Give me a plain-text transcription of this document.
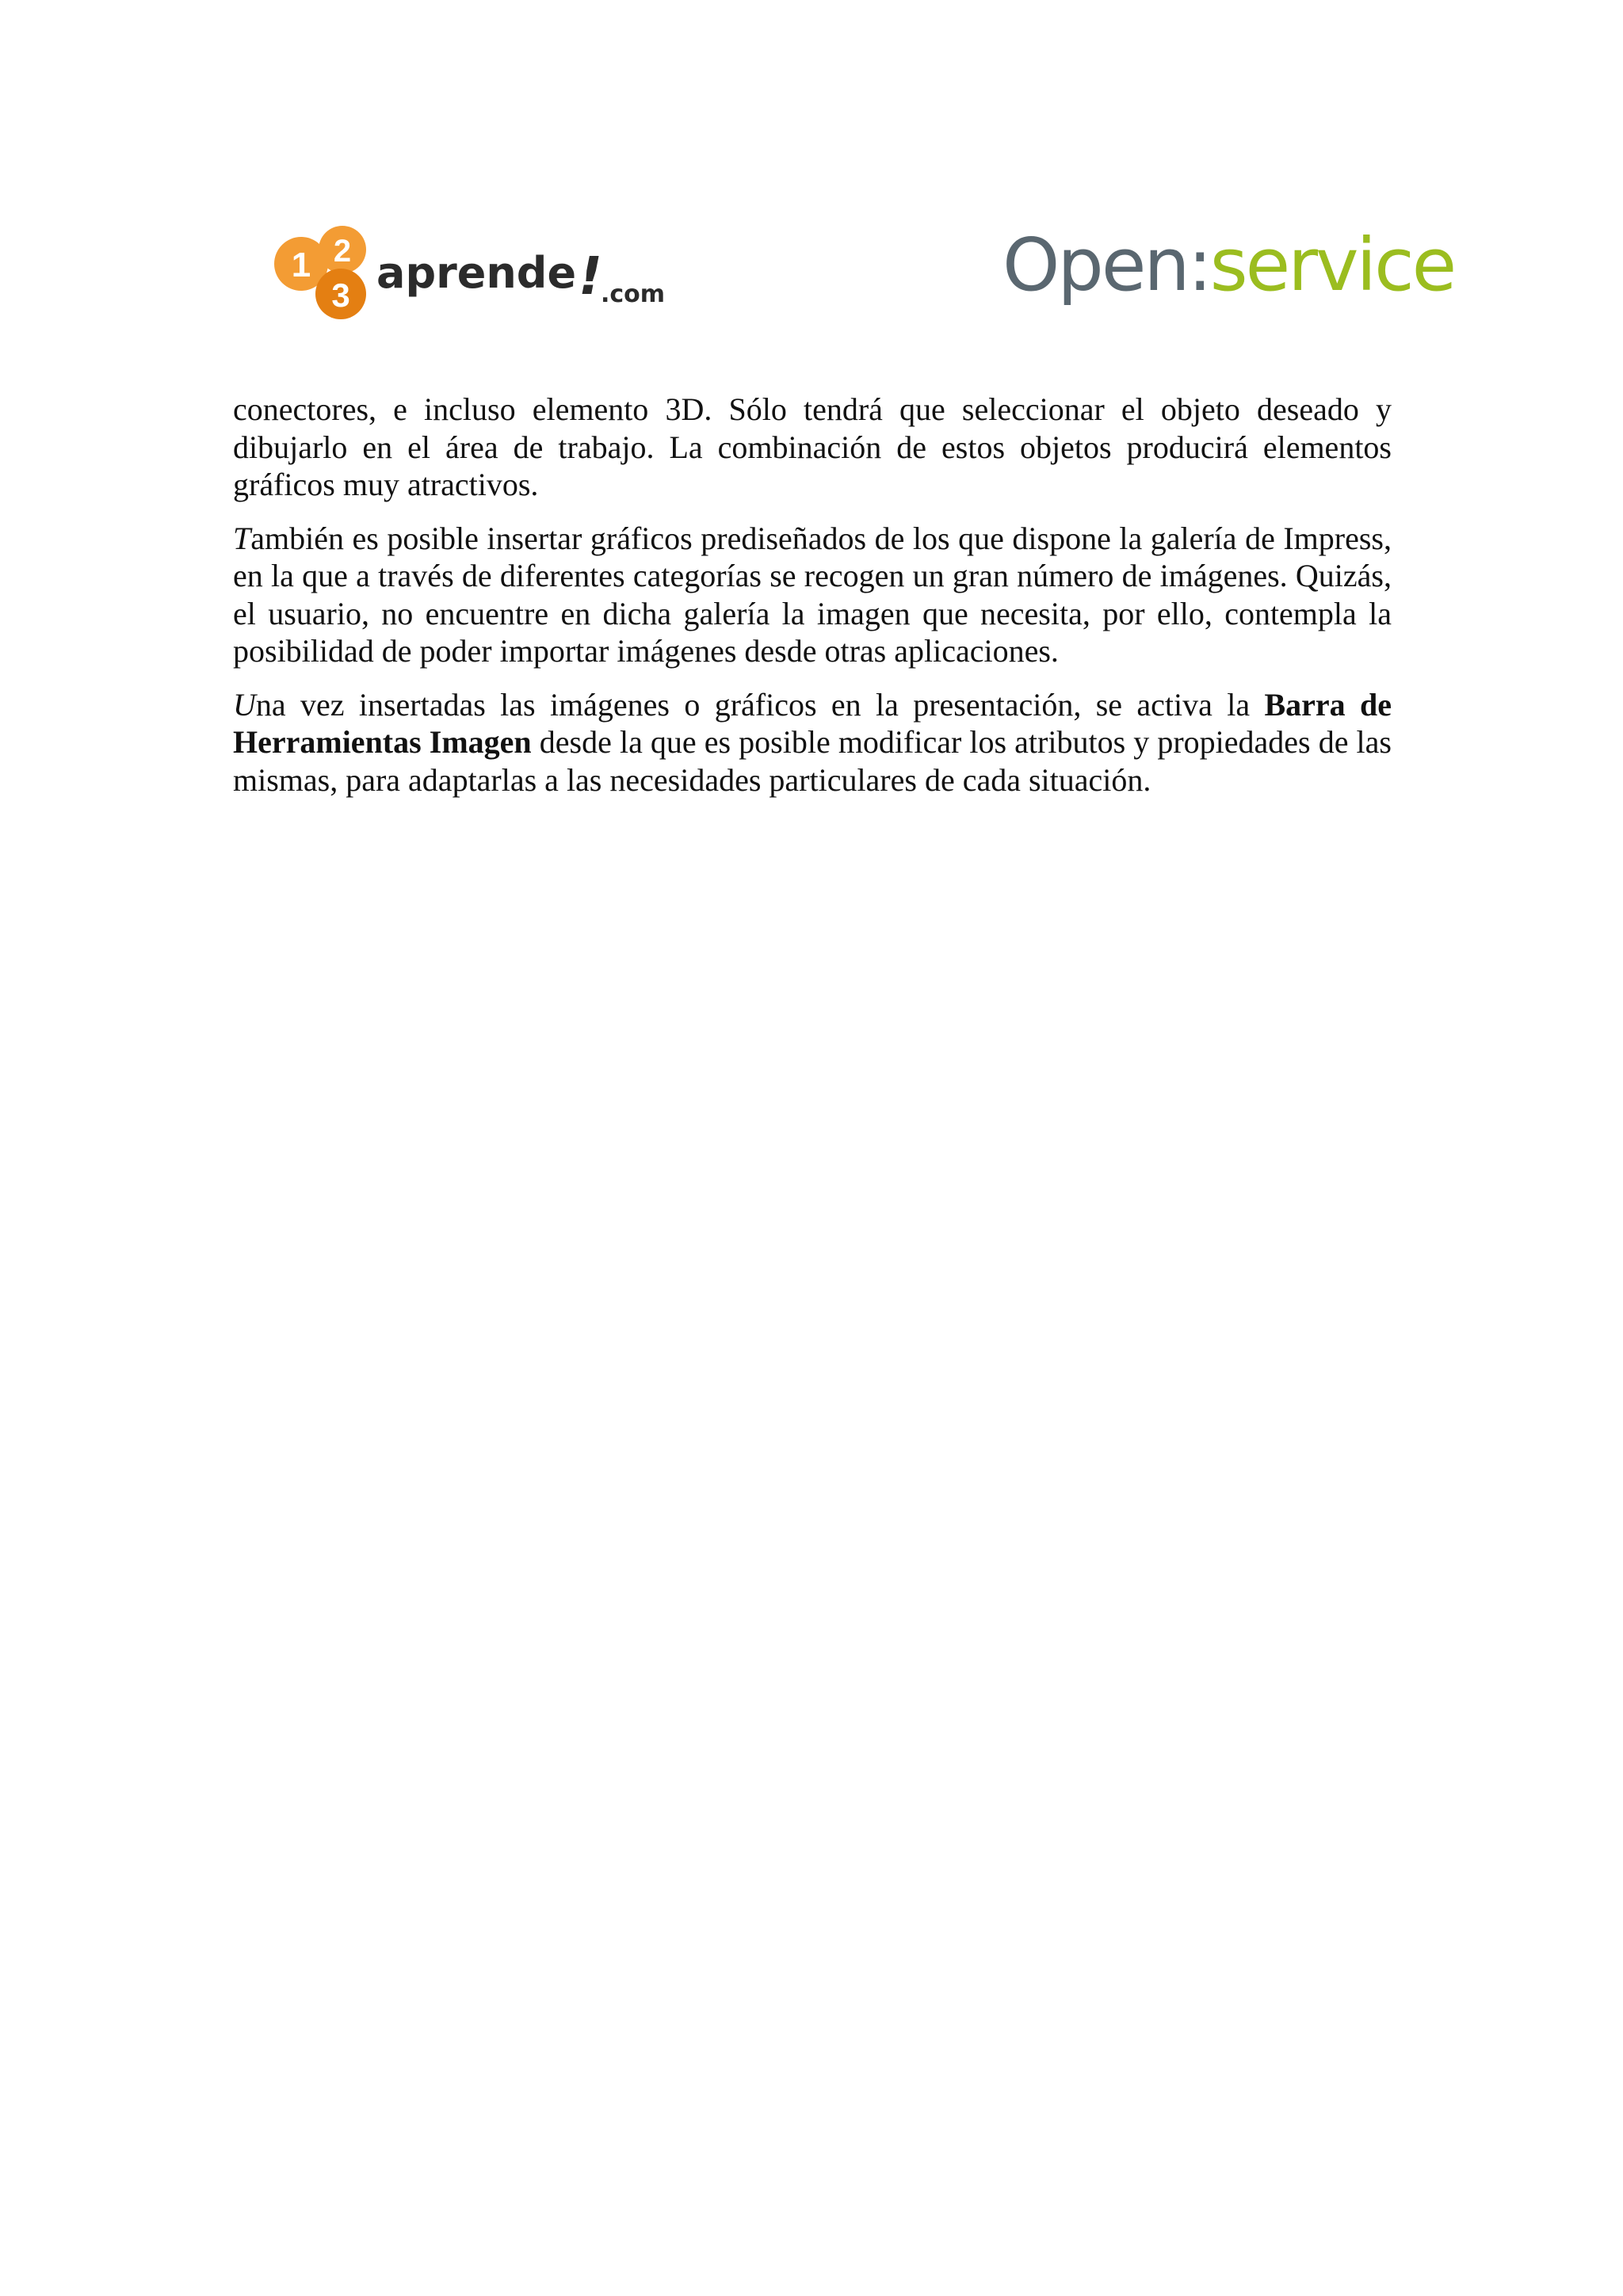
1 2
3 aprende !
.com	Open:service

conectores, e incluso elemento 3D. Sólo tendrá que seleccionar el objeto deseado y dibujarlo en el área de trabajo. La combinación de estos objetos producirá elementos gráficos muy atractivos.

También es posible insertar gráficos prediseñados de los que dispone la galería de Impress, en la que a través de diferentes categorías se recogen un gran número de imágenes. Quizás, el usuario, no encuentre en dicha galería la imagen que necesita, por ello, contempla la posibilidad de poder importar imágenes desde otras aplicaciones.

Una vez insertadas las imágenes o gráficos en la presentación, se activa la Barra de Herramientas Imagen desde la que es posible modificar los atributos y propiedades de las mismas, para adaptarlas a las necesidades particulares de cada situación.
